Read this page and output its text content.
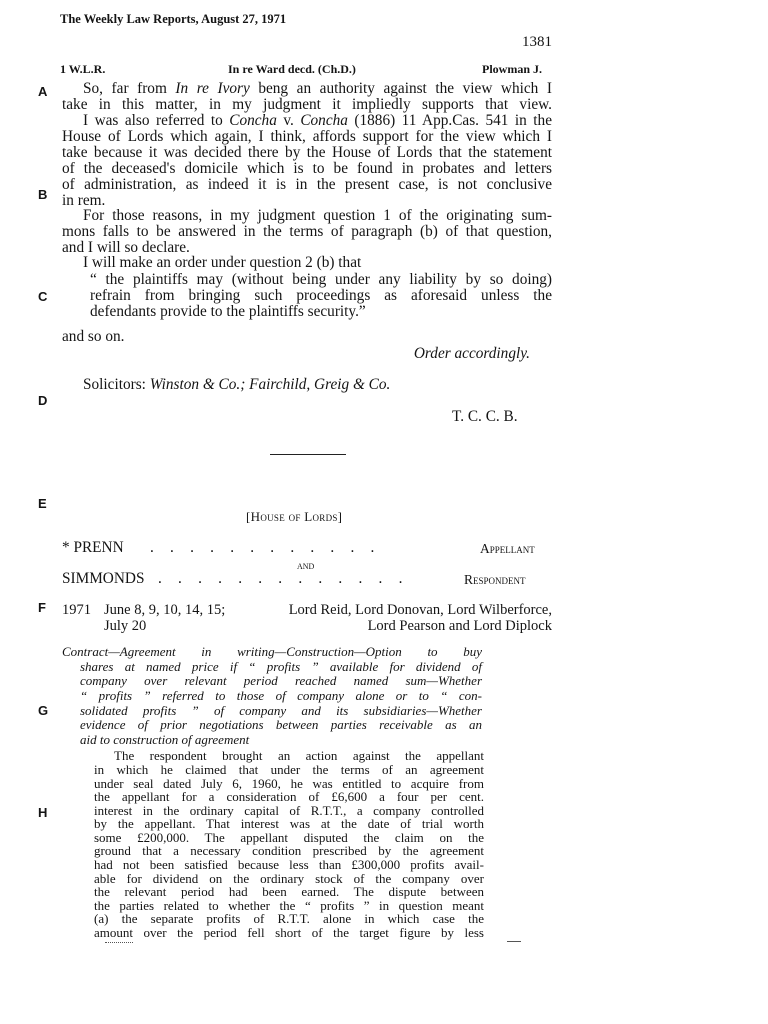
The Weekly Law Reports, August 27, 1971
1381
1 W.L.R.	In re Ward decd. (Ch.D.)	Plowman J.
A
B
C
D
E
F
G
H
So, far from In re Ivory beng an authority against the view which I
take in this matter, in my judgment it impliedly supports that view.
I was also referred to Concha v. Concha (1886) 11 App.Cas. 541 in the
House of Lords which again, I think, affords support for the view which I
take because it was decided there by the House of Lords that the statement
of the deceased's domicile which is to be found in probates and letters
of administration, as indeed it is in the present case, is not conclusive
in rem.
For those reasons, in my judgment question 1 of the originating sum-
mons falls to be answered in the terms of paragraph (b) of that question,
and I will so declare.
I will make an order under question 2 (b) that
“ the plaintiffs may (without being under any liability by so doing)
refrain from bringing such proceedings as aforesaid unless the
defendants provide to the plaintiffs security.”
and so on.
Order accordingly.
Solicitors: Winston & Co.; Fairchild, Greig & Co.
T. C. C. B.
[House of Lords]
* PRENN . . . . . . . . . . . .	Appellant
and
SIMMONDS . . . . . . . . . . . . .	Respondent
1971 June 8, 9, 10, 14, 15;
July 20
Lord Reid, Lord Donovan, Lord Wilberforce,
Lord Pearson and Lord Diplock
Contract—Agreement in writing—Construction—Option to buy
shares at named price if “ profits ” available for dividend of
company over relevant period reached named sum—Whether
“ profits ” referred to those of company alone or to “ con-
solidated profits ” of company and its subsidiaries—Whether
evidence of prior negotiations between parties receivable as an
aid to construction of agreement
The respondent brought an action against the appellant
in which he claimed that under the terms of an agreement
under seal dated July 6, 1960, he was entitled to acquire from
the appellant for a consideration of £6,600 a four per cent.
interest in the ordinary capital of R.T.T., a company controlled
by the appellant. That interest was at the date of trial worth
some £200,000. The appellant disputed the claim on the
ground that a necessary condition prescribed by the agreement
had not been satisfied because less than £300,000 profits avail-
able for dividend on the ordinary stock of the company over
the relevant period had been earned. The dispute between
the parties related to whether the “ profits ” in question meant
(a) the separate profits of R.T.T. alone in which case the
amount over the period fell short of the target figure by less
